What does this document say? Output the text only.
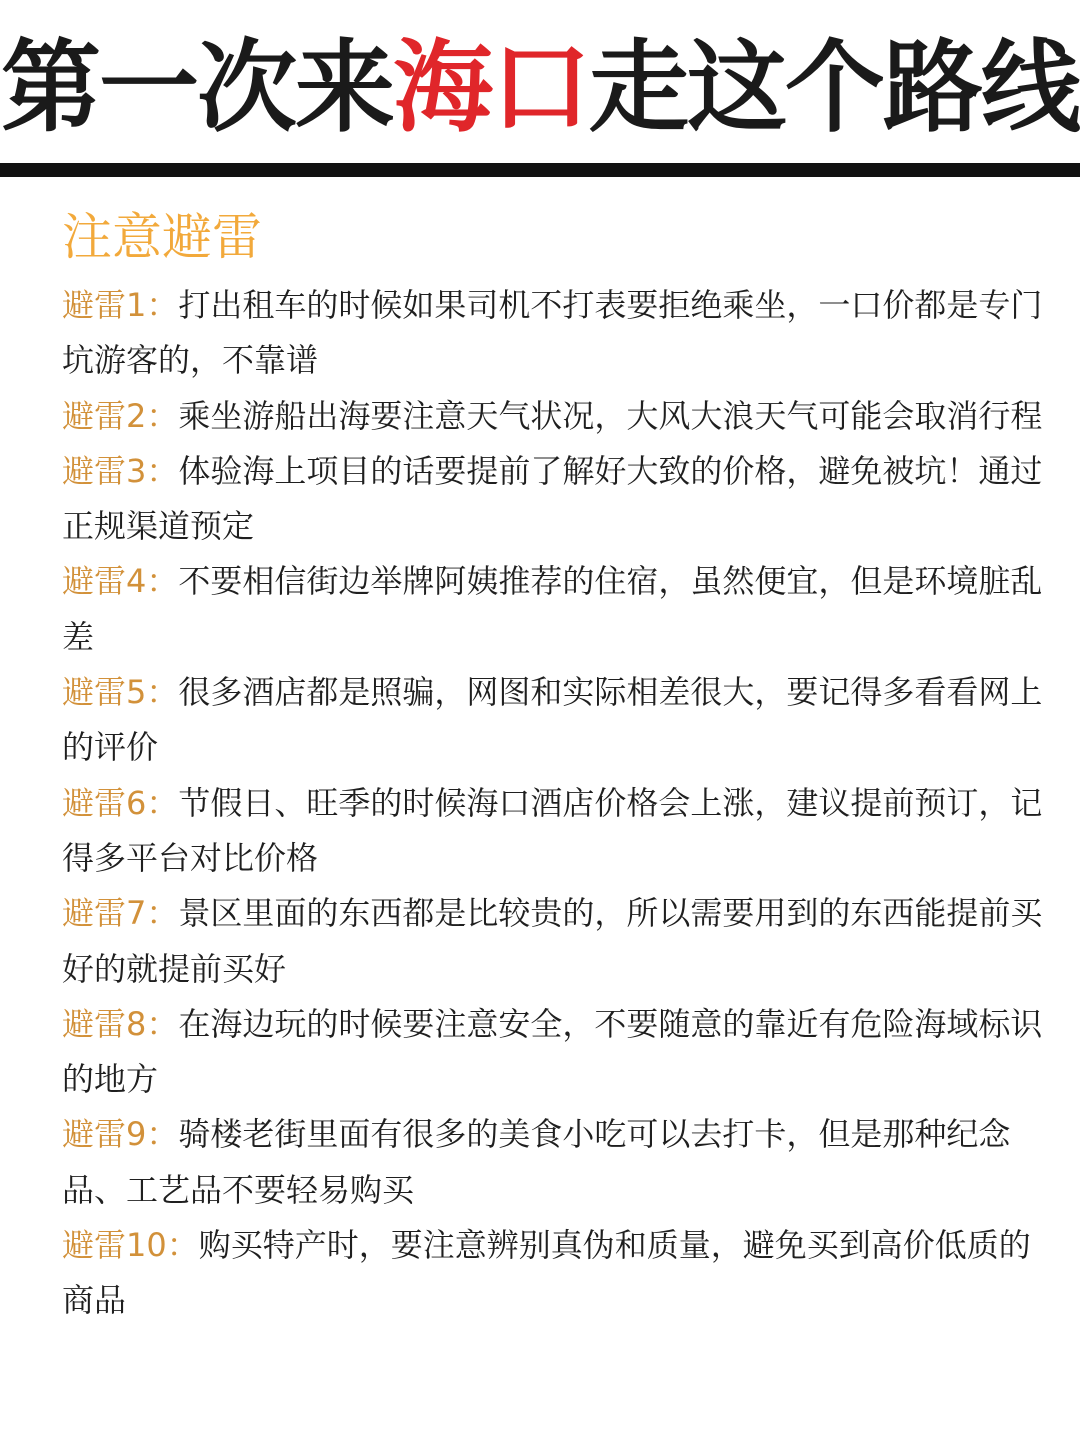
第一次来海口走这个路线
注意避雷
避雷1：打出租车的时候如果司机不打表要拒绝乘坐，一口价都是专门坑游客的，不靠谱
避雷2：乘坐游船出海要注意天气状况，大风大浪天气可能会取消行程
避雷3：体验海上项目的话要提前了解好大致的价格，避免被坑！通过正规渠道预定
避雷4：不要相信街边举牌阿姨推荐的住宿，虽然便宜，但是环境脏乱差
避雷5：很多酒店都是照骗，网图和实际相差很大，要记得多看看网上的评价
避雷6：节假日、旺季的时候海口酒店价格会上涨，建议提前预订，记得多平台对比价格
避雷7：景区里面的东西都是比较贵的，所以需要用到的东西能提前买好的就提前买好
避雷8：在海边玩的时候要注意安全，不要随意的靠近有危险海域标识的地方
避雷9：骑楼老街里面有很多的美食小吃可以去打卡，但是那种纪念品、工艺品不要轻易购买
避雷10：购买特产时，要注意辨别真伪和质量，避免买到高价低质的商品
